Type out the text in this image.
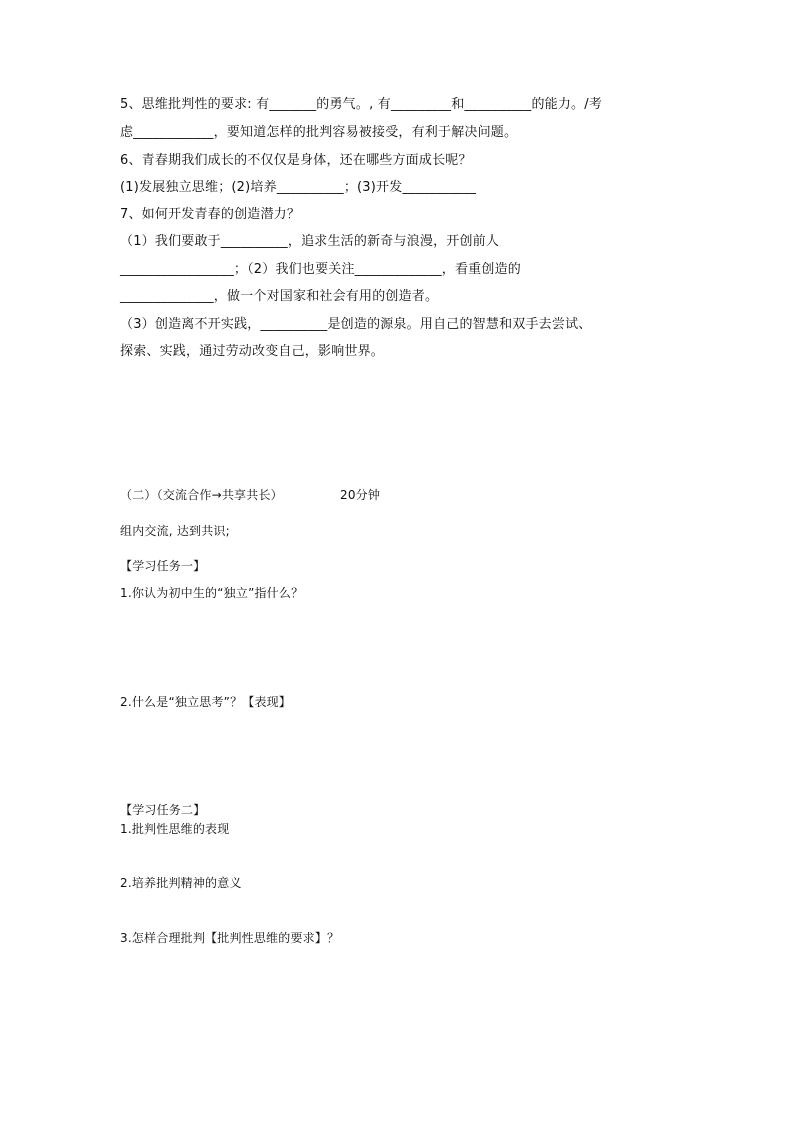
5、思维批判性的要求: 有_______的勇气。, 有_________和__________的能力。/考
虑____________，要知道怎样的批判容易被接受，有利于解决问题。
6、青春期我们成长的不仅仅是身体，还在哪些方面成长呢？
(1)发展独立思维；(2)培养__________；(3)开发___________
7、如何开发青春的创造潜力？
（1）我们要敢于__________，追求生活的新奇与浪漫，开创前人
_________________；（2）我们也要关注_____________，看重创造的
______________，做一个对国家和社会有用的创造者。
（3）创造离不开实践，__________是创造的源泉。用自己的智慧和双手去尝试、
探索、实践，通过劳动改变自己，影响世界。
（二）（交流合作→共享共长）	20分钟
组内交流, 达到共识;
【学习任务一】
1.你认为初中生的“独立”指什么？
2.什么是“独立思考”？【表现】
【学习任务二】
1.批判性思维的表现
2.培养批判精神的意义
3.怎样合理批判【批判性思维的要求】？
